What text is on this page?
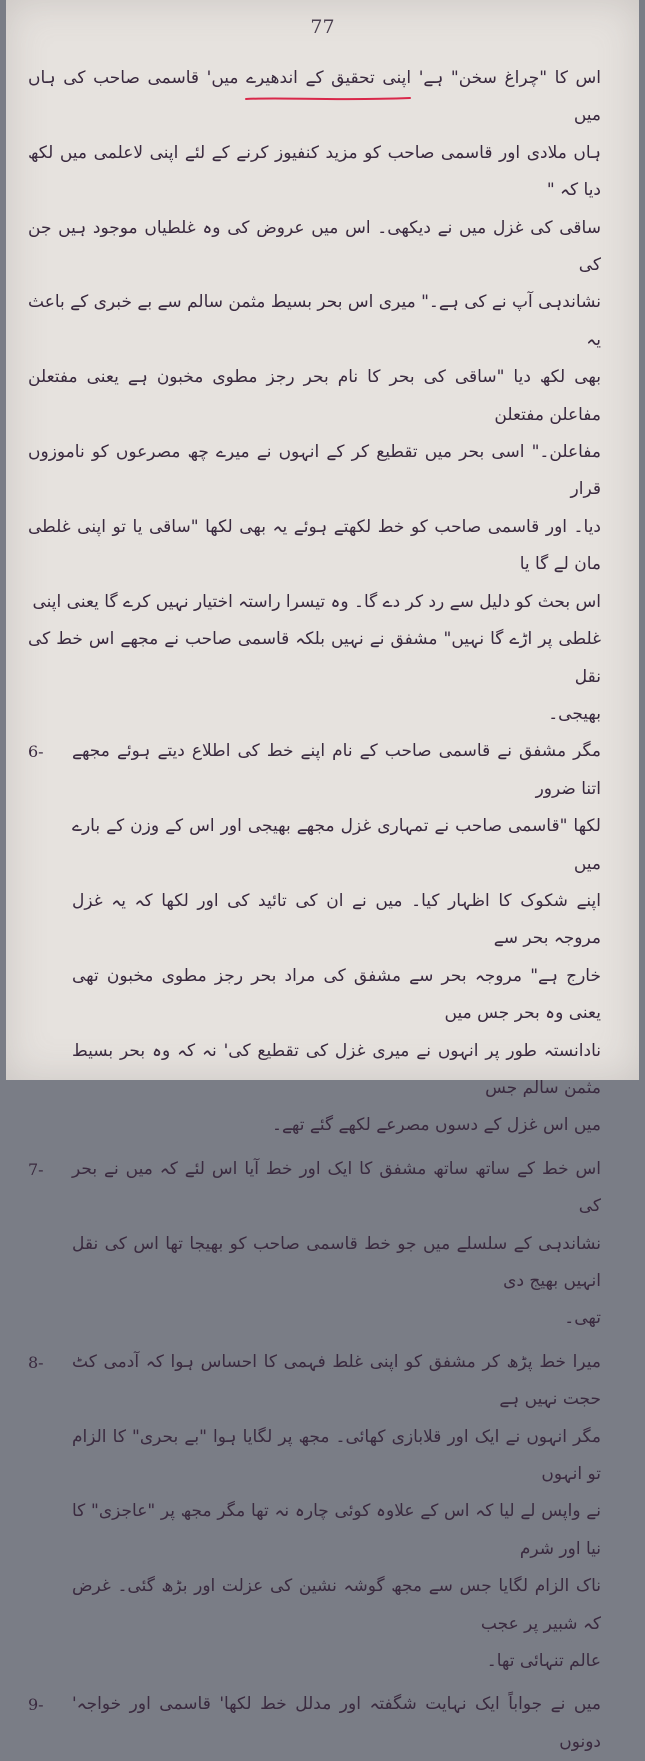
77
اس کا "چراغ سخن" ہے' اپنی تحقیق کے اندھیرے میں' قاسمی صاحب کی ہاں میں
ہاں ملادی اور قاسمی صاحب کو مزید کنفیوز کرنے کے لئے اپنی لاعلمی میں لکھ دیا کہ "
ساقی کی غزل میں نے دیکھی۔ اس میں عروض کی وہ غلطیاں موجود ہیں جن کی
نشاندہی آپ نے کی ہے۔" میری اس بحر بسیط مثمن سالم سے بے خبری کے باعث یہ
بھی لکھ دیا "ساقی کی بحر کا نام بحر رجز مطوی مخبون ہے یعنی مفتعلن مفاعلن مفتعلن
مفاعلن۔" اسی بحر میں تقطیع کر کے انہوں نے میرے چھ مصرعوں کو ناموزوں قرار
دیا۔ اور قاسمی صاحب کو خط لکھتے ہوئے یہ بھی لکھا "ساقی یا تو اپنی غلطی مان لے گا یا
اس بحث کو دلیل سے رد کر دے گا۔ وہ تیسرا راستہ اختیار نہیں کرے گا یعنی اپنی
غلطی پر اڑے گا نہیں" مشفق نے نہیں بلکہ قاسمی صاحب نے مجھے اس خط کی نقل
بھیجی۔
مگر مشفق نے قاسمی صاحب کے نام اپنے خط کی اطلاع دیتے ہوئے مجھے اتنا ضرور
لکھا "قاسمی صاحب نے تمہاری غزل مجھے بھیجی اور اس کے وزن کے بارے میں
اپنے شکوک کا اظہار کیا۔ میں نے ان کی تائید کی اور لکھا کہ یہ غزل مروجہ بحر سے
خارج ہے" مروجہ بحر سے مشفق کی مراد بحر رجز مطوی مخبون تھی یعنی وہ بحر جس میں
نادانستہ طور پر انہوں نے میری غزل کی تقطیع کی' نہ کہ وہ بحر بسیط مثمن سالم جس
میں اس غزل کے دسوں مصرعے لکھے گئے تھے۔
6-
اس خط کے ساتھ ساتھ مشفق کا ایک اور خط آیا اس لئے کہ میں نے بحر کی
نشاندہی کے سلسلے میں جو خط قاسمی صاحب کو بھیجا تھا اس کی نقل انہیں بھیج دی
تھی۔
7-
میرا خط پڑھ کر مشفق کو اپنی غلط فہمی کا احساس ہوا کہ آدمی کٹ حجت نہیں ہے
مگر انہوں نے ایک اور قلابازی کھائی۔ مجھ پر لگایا ہوا "بے بحری" کا الزام تو انہوں
نے واپس لے لیا کہ اس کے علاوہ کوئی چارہ نہ تھا مگر مجھ پر "عاجزی" کا نیا اور شرم
ناک الزام لگایا جس سے مجھ گوشہ نشین کی عزلت اور بڑھ گئی۔ غرض کہ شبیر پر عجب
عالم تنہائی تھا۔
8-
میں نے جواباً ایک نہایت شگفتہ اور مدلل خط لکھا' قاسمی اور خواجہ' دونوں
9-
